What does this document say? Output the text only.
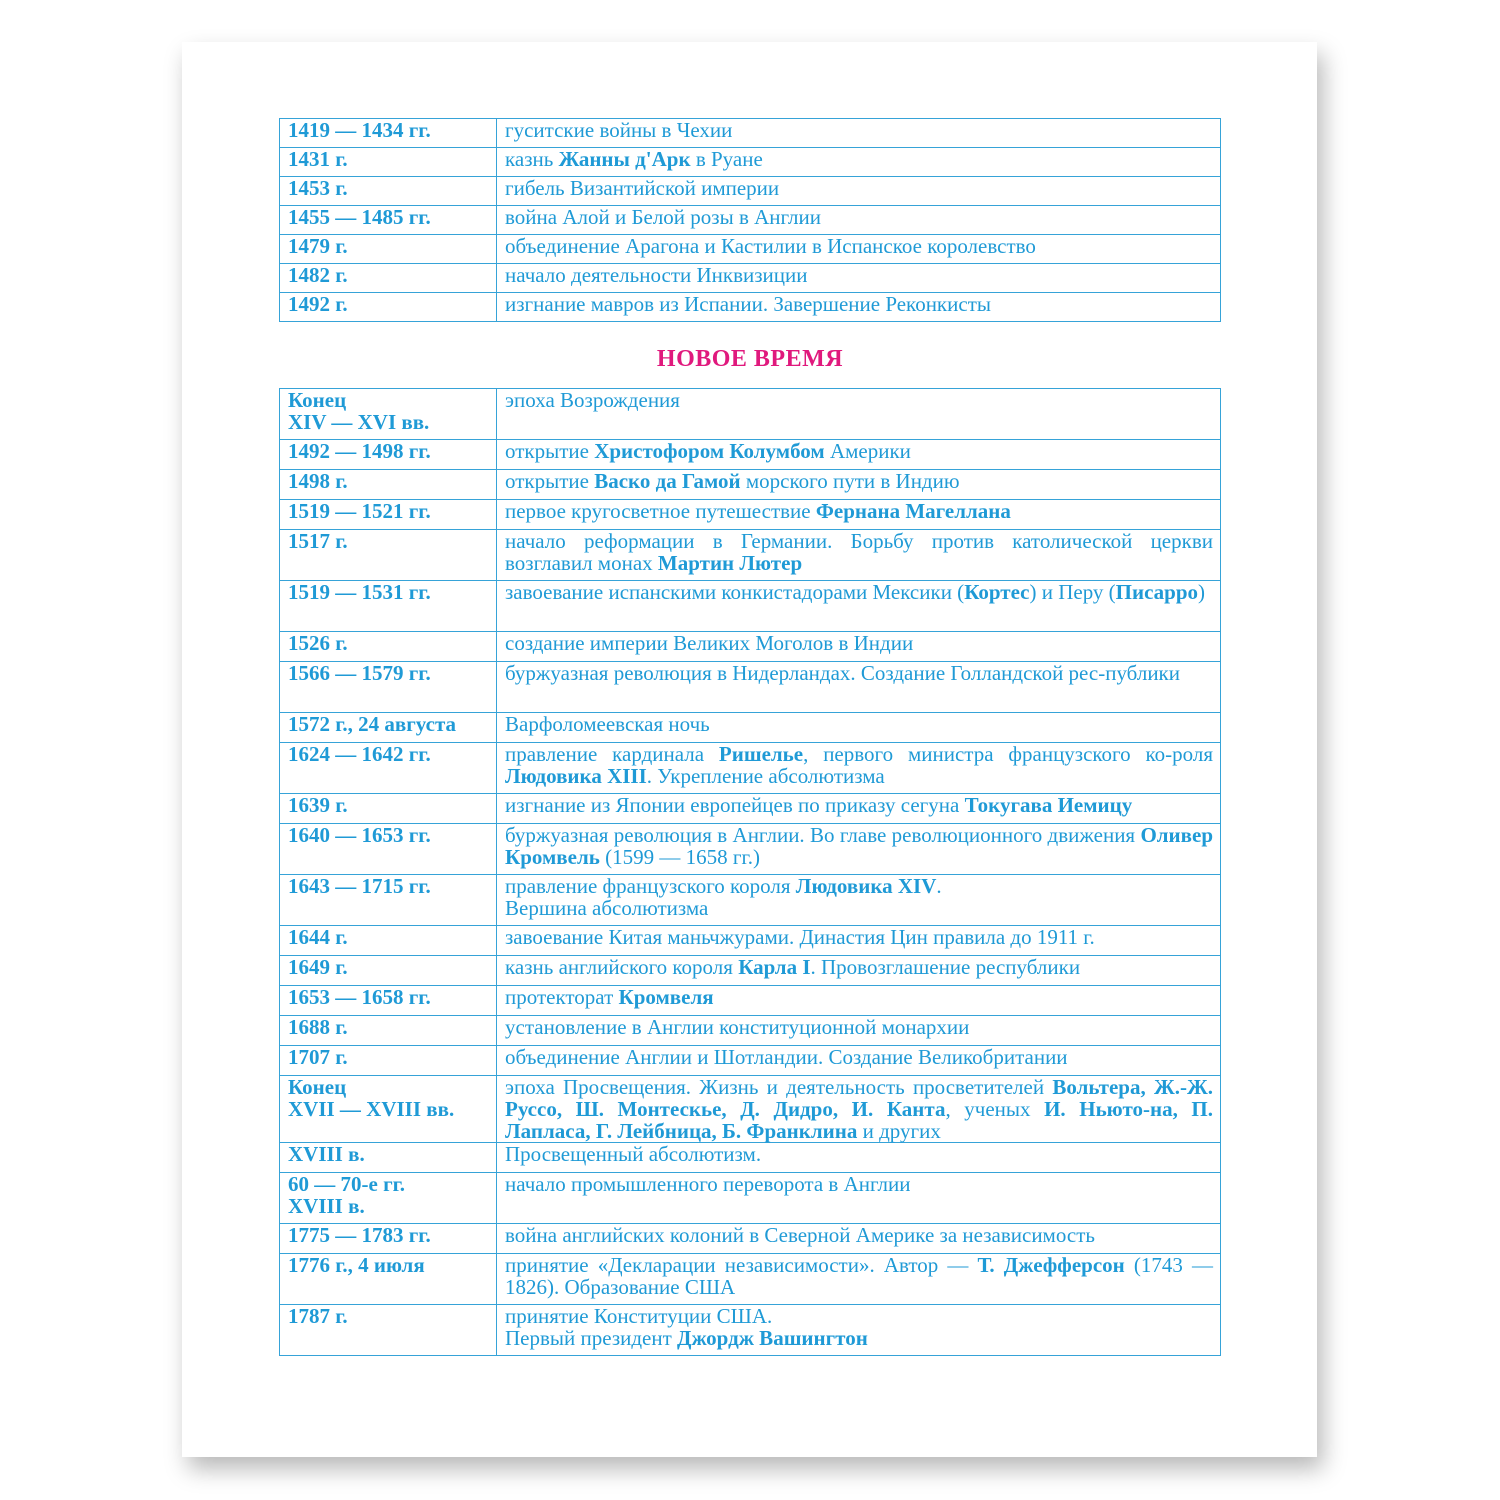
1419 — 1434 гг.	гуситские войны в Чехии
1431 г.	казнь Жанны д'Арк в Руане
1453 г.	гибель Византийской империи
1455 — 1485 гг.	война Алой и Белой розы в Англии
1479 г.	объединение Арагона и Кастилии в Испанское королевство
1482 г.	начало деятельности Инквизиции
1492 г.	изгнание мавров из Испании. Завершение Реконкисты
НОВОЕ ВРЕМЯ
Конец
XIV — XVI вв.	эпоха Возрождения
1492 — 1498 гг.	открытие Христофором Колумбом Америки
1498 г.	открытие Васко да Гамой морского пути в Индию
1519 — 1521 гг.	первое кругосветное путешествие Фернана Магеллана
1517 г.	начало реформации в Германии. Борьбу против католической церкви возглавил монах Мартин Лютер
1519 — 1531 гг.	завоевание испанскими конкистадорами Мексики (Кортес) и Перу (Писарро)
1526 г.	создание империи Великих Моголов в Индии
1566 — 1579 гг.	буржуазная революция в Нидерландах. Создание Голландской рес-публики
1572 г., 24 августа	Варфоломеевская ночь
1624 — 1642 гг.	правление кардинала Ришелье, первого министра французского ко-роля Людовика XIII. Укрепление абсолютизма
1639 г.	изгнание из Японии европейцев по приказу сегуна Токугава Иемицу
1640 — 1653 гг.	буржуазная революция в Англии. Во главе революционного движения Оливер Кромвель (1599 — 1658 гг.)
1643 — 1715 гг.	правление французского короля Людовика XIV.
Вершина абсолютизма
1644 г.	завоевание Китая маньчжурами. Династия Цин правила до 1911 г.
1649 г.	казнь английского короля Карла I. Провозглашение республики
1653 — 1658 гг.	протекторат Кромвеля
1688 г.	установление в Англии конституционной монархии
1707 г.	объединение Англии и Шотландии. Создание Великобритании
Конец
XVII — XVIII вв.	эпоха Просвещения. Жизнь и деятельность просветителей Вольтера, Ж.-Ж. Руссо, Ш. Монтескье, Д. Дидро, И. Канта, ученых И. Ньюто-на, П. Лапласа, Г. Лейбница, Б. Франклина и других
XVIII в.	Просвещенный абсолютизм.
60 — 70-е гг.
XVIII в.	начало промышленного переворота в Англии
1775 — 1783 гг.	война английских колоний в Северной Америке за независимость
1776 г., 4 июля	принятие «Декларации независимости». Автор — Т. Джефферсон (1743 — 1826). Образование США
1787 г.	принятие Конституции США.
Первый президент Джордж Вашингтон
